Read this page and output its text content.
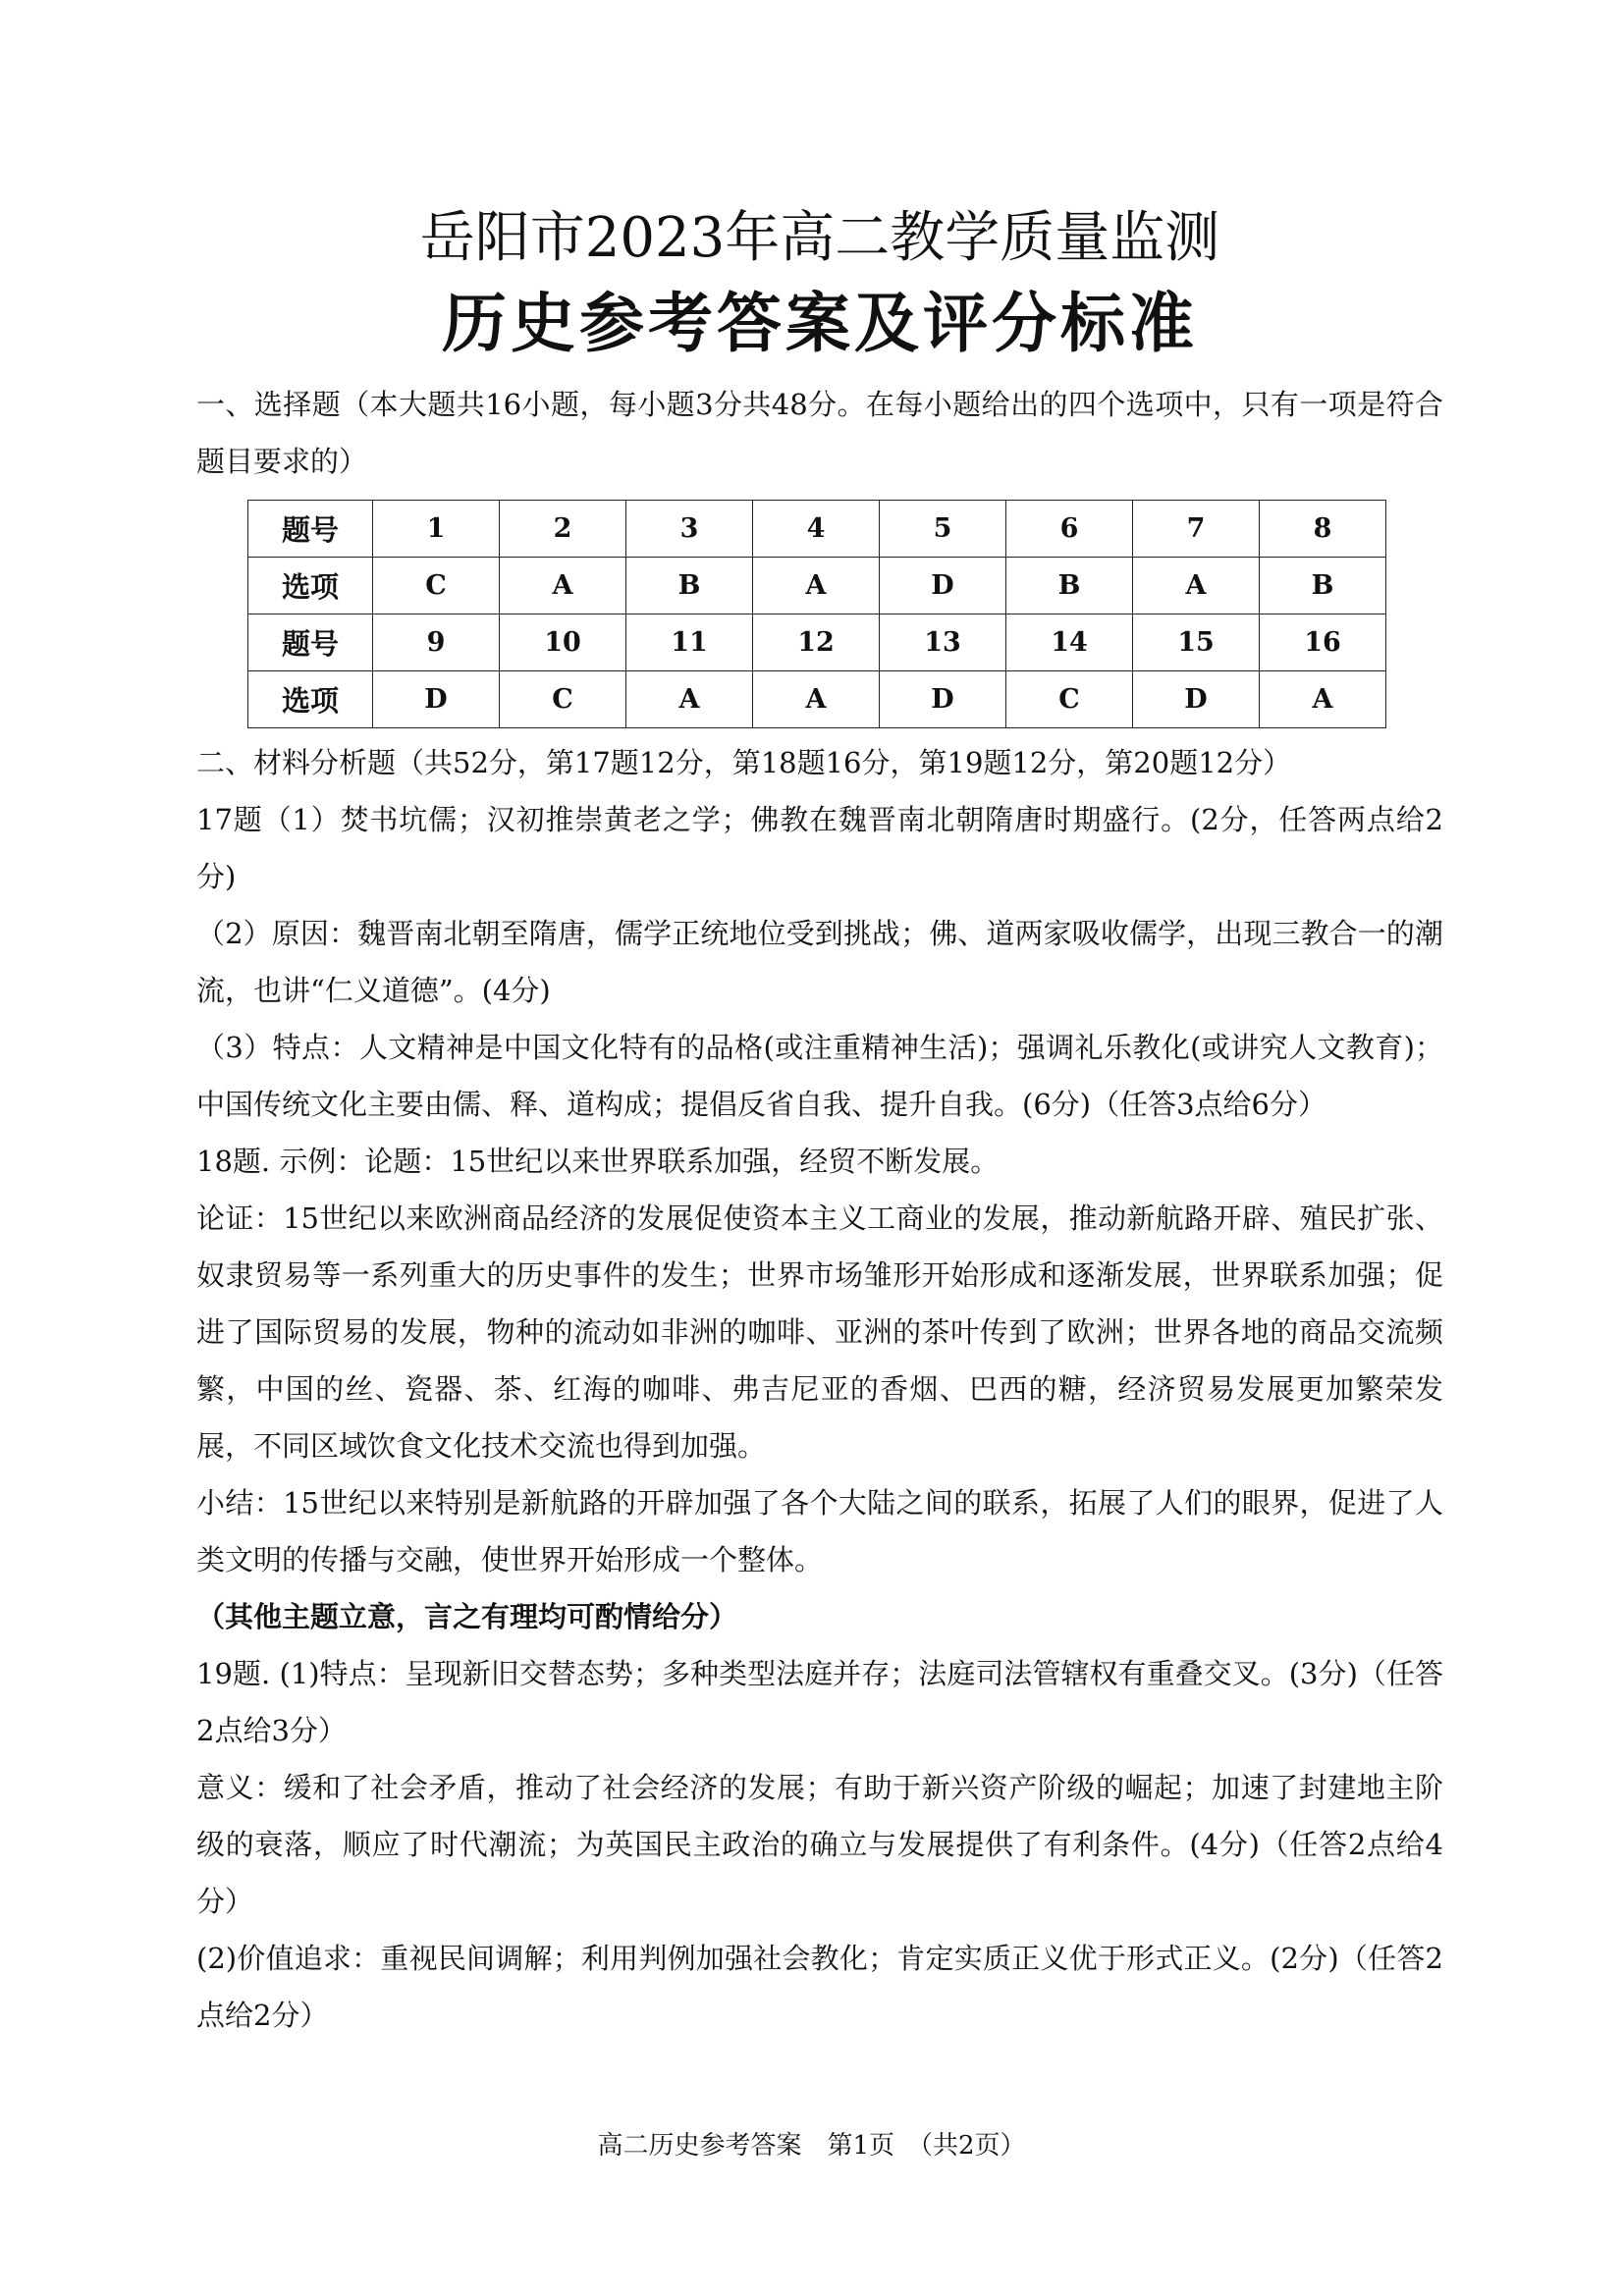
岳阳市2023年高二教学质量监测
历史参考答案及评分标准

一、选择题（本大题共16小题，每小题3分共48分。在每小题给出的四个选项中，只有一项是符合题目要求的）

题号	1	2	3	4	5	6	7	8
选项	C	A	B	A	D	B	A	B
题号	9	10	11	12	13	14	15	16
选项	D	C	A	A	D	C	D	A

二、材料分析题（共52分，第17题12分，第18题16分，第19题12分，第20题12分）

17题（1）焚书坑儒；汉初推崇黄老之学；佛教在魏晋南北朝隋唐时期盛行。(2分，任答两点给2分)

（2）原因：魏晋南北朝至隋唐，儒学正统地位受到挑战；佛、道两家吸收儒学，出现三教合一的潮流，也讲“仁义道德”。(4分)

（3）特点：人文精神是中国文化特有的品格(或注重精神生活)；强调礼乐教化(或讲究人文教育)；中国传统文化主要由儒、释、道构成；提倡反省自我、提升自我。(6分)（任答3点给6分）

18题. 示例：论题：15世纪以来世界联系加强，经贸不断发展。

论证：15世纪以来欧洲商品经济的发展促使资本主义工商业的发展，推动新航路开辟、殖民扩张、奴隶贸易等一系列重大的历史事件的发生；世界市场雏形开始形成和逐渐发展，世界联系加强；促进了国际贸易的发展，物种的流动如非洲的咖啡、亚洲的茶叶传到了欧洲；世界各地的商品交流频繁，中国的丝、瓷器、茶、红海的咖啡、弗吉尼亚的香烟、巴西的糖，经济贸易发展更加繁荣发展，不同区域饮食文化技术交流也得到加强。

小结：15世纪以来特别是新航路的开辟加强了各个大陆之间的联系，拓展了人们的眼界，促进了人类文明的传播与交融，使世界开始形成一个整体。

（其他主题立意，言之有理均可酌情给分）

19题. (1)特点：呈现新旧交替态势；多种类型法庭并存；法庭司法管辖权有重叠交叉。(3分)（任答2点给3分）

意义：缓和了社会矛盾，推动了社会经济的发展；有助于新兴资产阶级的崛起；加速了封建地主阶级的衰落，顺应了时代潮流；为英国民主政治的确立与发展提供了有利条件。(4分)（任答2点给4分）

(2)价值追求：重视民间调解；利用判例加强社会教化；肯定实质正义优于形式正义。(2分)（任答2点给2分）

高二历史参考答案　第1页　（共2页）
